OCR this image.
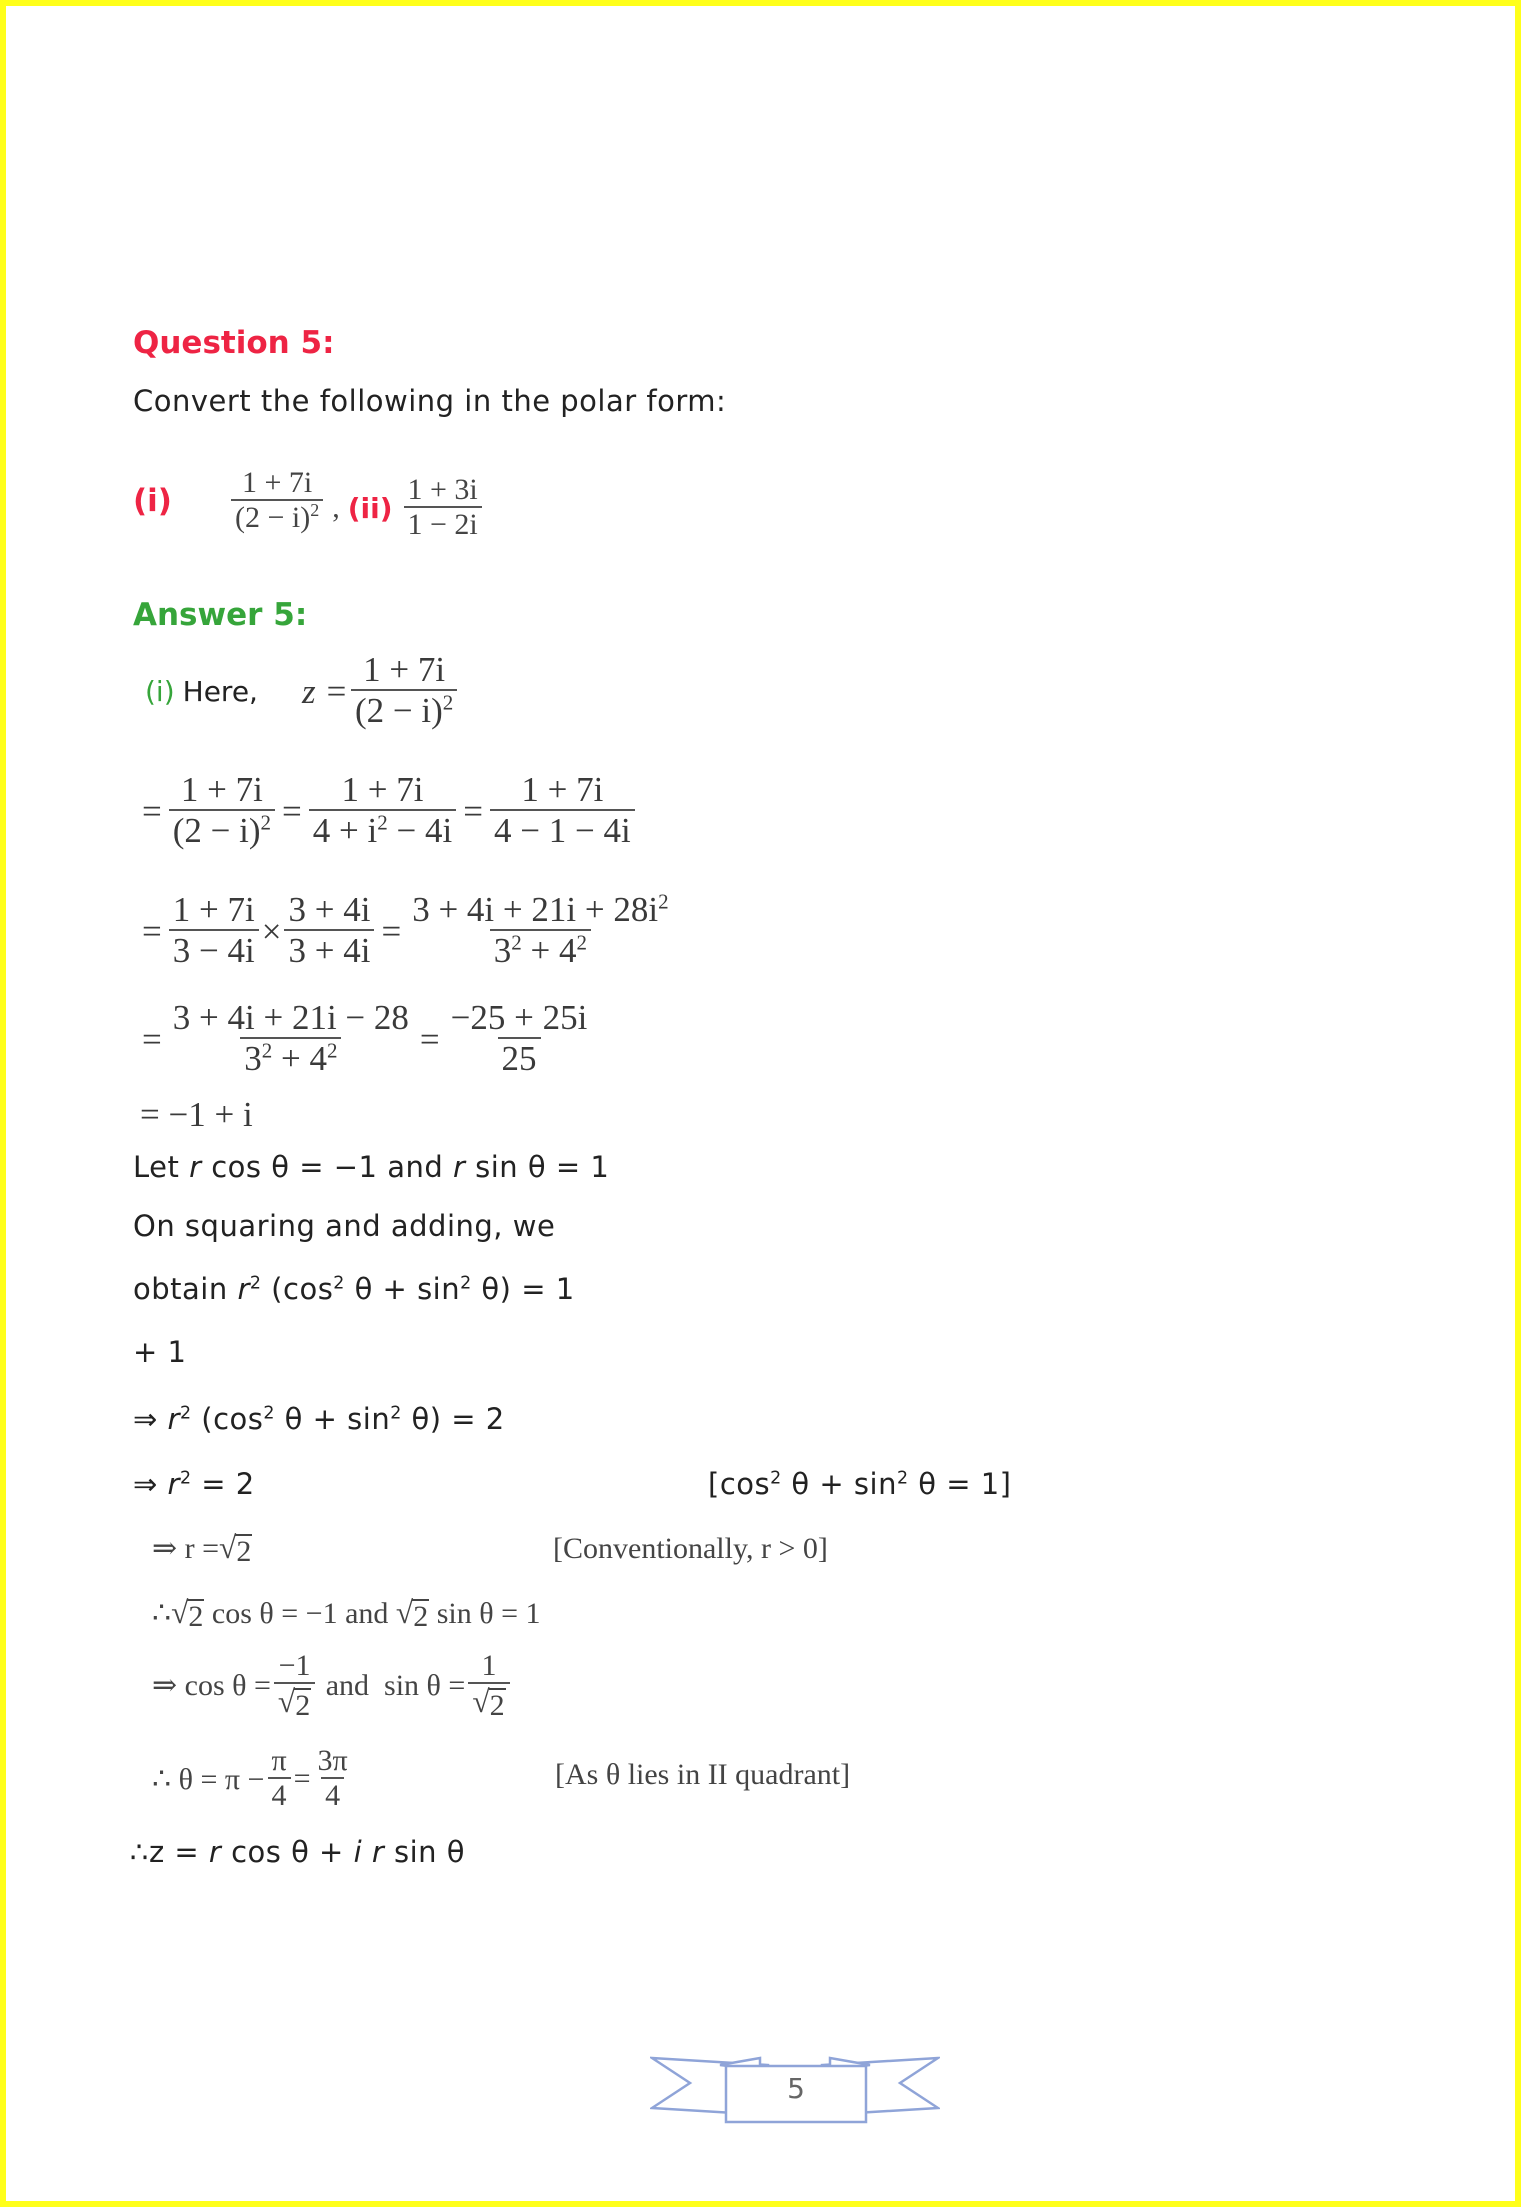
Question 5:
Convert the following in the polar form:
$(i) \frac{1 + 7i}{(2 - i)^2}$ , $(ii) \frac{1 + 3i}{1 - 2i}$
Answer 5:
(i) Here, $z = \frac{1 + 7i}{(2 - i)^2}$
= $\frac{1 + 7i}{(2 - i)^2} = \frac{1 + 7i}{4 + i^2 - 4i} = \frac{1 + 7i}{4 - 1 - 4i}$
= $\frac{1 + 7i}{3 - 4i} \times \frac{3 + 4i}{3 + 4i} = \frac{3 + 4i + 21i + 28i^2}{3^2 + 4^2}$
= $\frac{3 + 4i + 21i - 28}{3^2 + 4^2} = \frac{-25 + 25i}{25}$
= −1 + i
Let r cos θ = −1 and r sin θ = 1
On squaring and adding, we
obtain $r^2$ ($\cos^2$ $\theta + \sin^2 \theta) = 1$
+ 1
⇒ $r^2$ ($\cos^2$ $\theta + \sin^2 \theta) = 2$
⇒ $r^2 = 2$	[$\cos^2$ $\theta + \sin^2 \theta = 1$]
⇒ r = √ 2	[Conventionally, r > 0]
∴ √ 2 cos θ = −1 and √ 2 sin θ = 1
⇒ $\cos \theta = \frac{-1}{√ 2}$ and  $\sin \theta = \frac{1}{√ 2}$
∴ $\theta = \pi - \frac{\pi}{4} = \frac{3\pi}{4}$	[As θ lies in II quadrant]
∴z = r cos θ + i r sin θ
5
